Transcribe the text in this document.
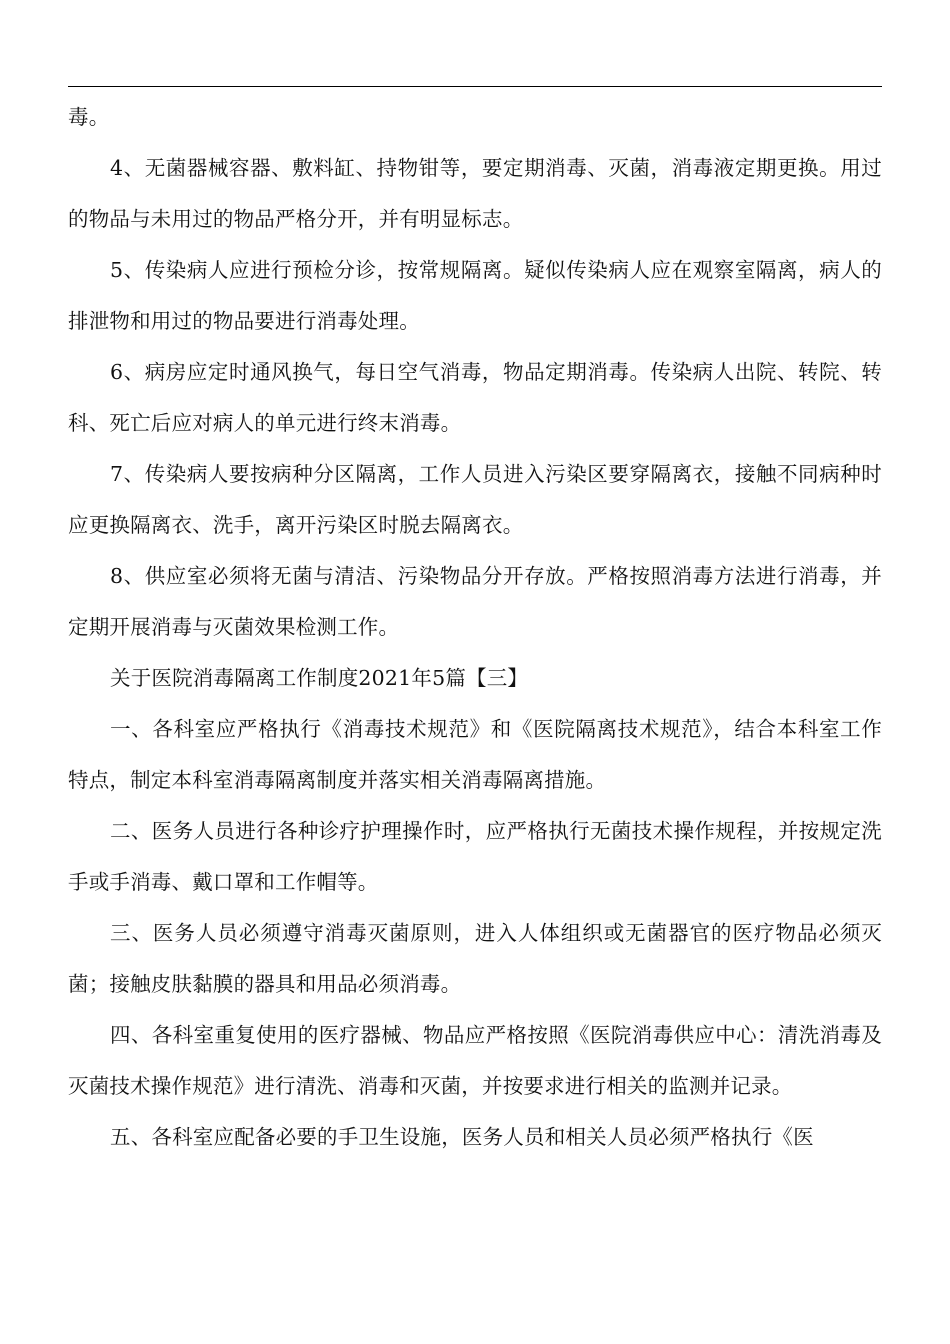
毒。

4、无菌器械容器、敷料缸、持物钳等，要定期消毒、灭菌，消毒液定期更换。用过的物品与未用过的物品严格分开，并有明显标志。

5、传染病人应进行预检分诊，按常规隔离。疑似传染病人应在观察室隔离，病人的排泄物和用过的物品要进行消毒处理。

6、病房应定时通风换气，每日空气消毒，物品定期消毒。传染病人出院、转院、转科、死亡后应对病人的单元进行终末消毒。

7、传染病人要按病种分区隔离，工作人员进入污染区要穿隔离衣，接触不同病种时应更换隔离衣、洗手，离开污染区时脱去隔离衣。

8、供应室必须将无菌与清洁、污染物品分开存放。严格按照消毒方法进行消毒，并定期开展消毒与灭菌效果检测工作。

关于医院消毒隔离工作制度2021年5篇【三】

一、各科室应严格执行《消毒技术规范》和《医院隔离技术规范》，结合本科室工作特点，制定本科室消毒隔离制度并落实相关消毒隔离措施。

二、医务人员进行各种诊疗护理操作时，应严格执行无菌技术操作规程，并按规定洗手或手消毒、戴口罩和工作帽等。

三、医务人员必须遵守消毒灭菌原则，进入人体组织或无菌器官的医疗物品必须灭菌；接触皮肤黏膜的器具和用品必须消毒。

四、各科室重复使用的医疗器械、物品应严格按照《医院消毒供应中心：清洗消毒及灭菌技术操作规范》进行清洗、消毒和灭菌，并按要求进行相关的监测并记录。

五、各科室应配备必要的手卫生设施，医务人员和相关人员必须严格执行《医
